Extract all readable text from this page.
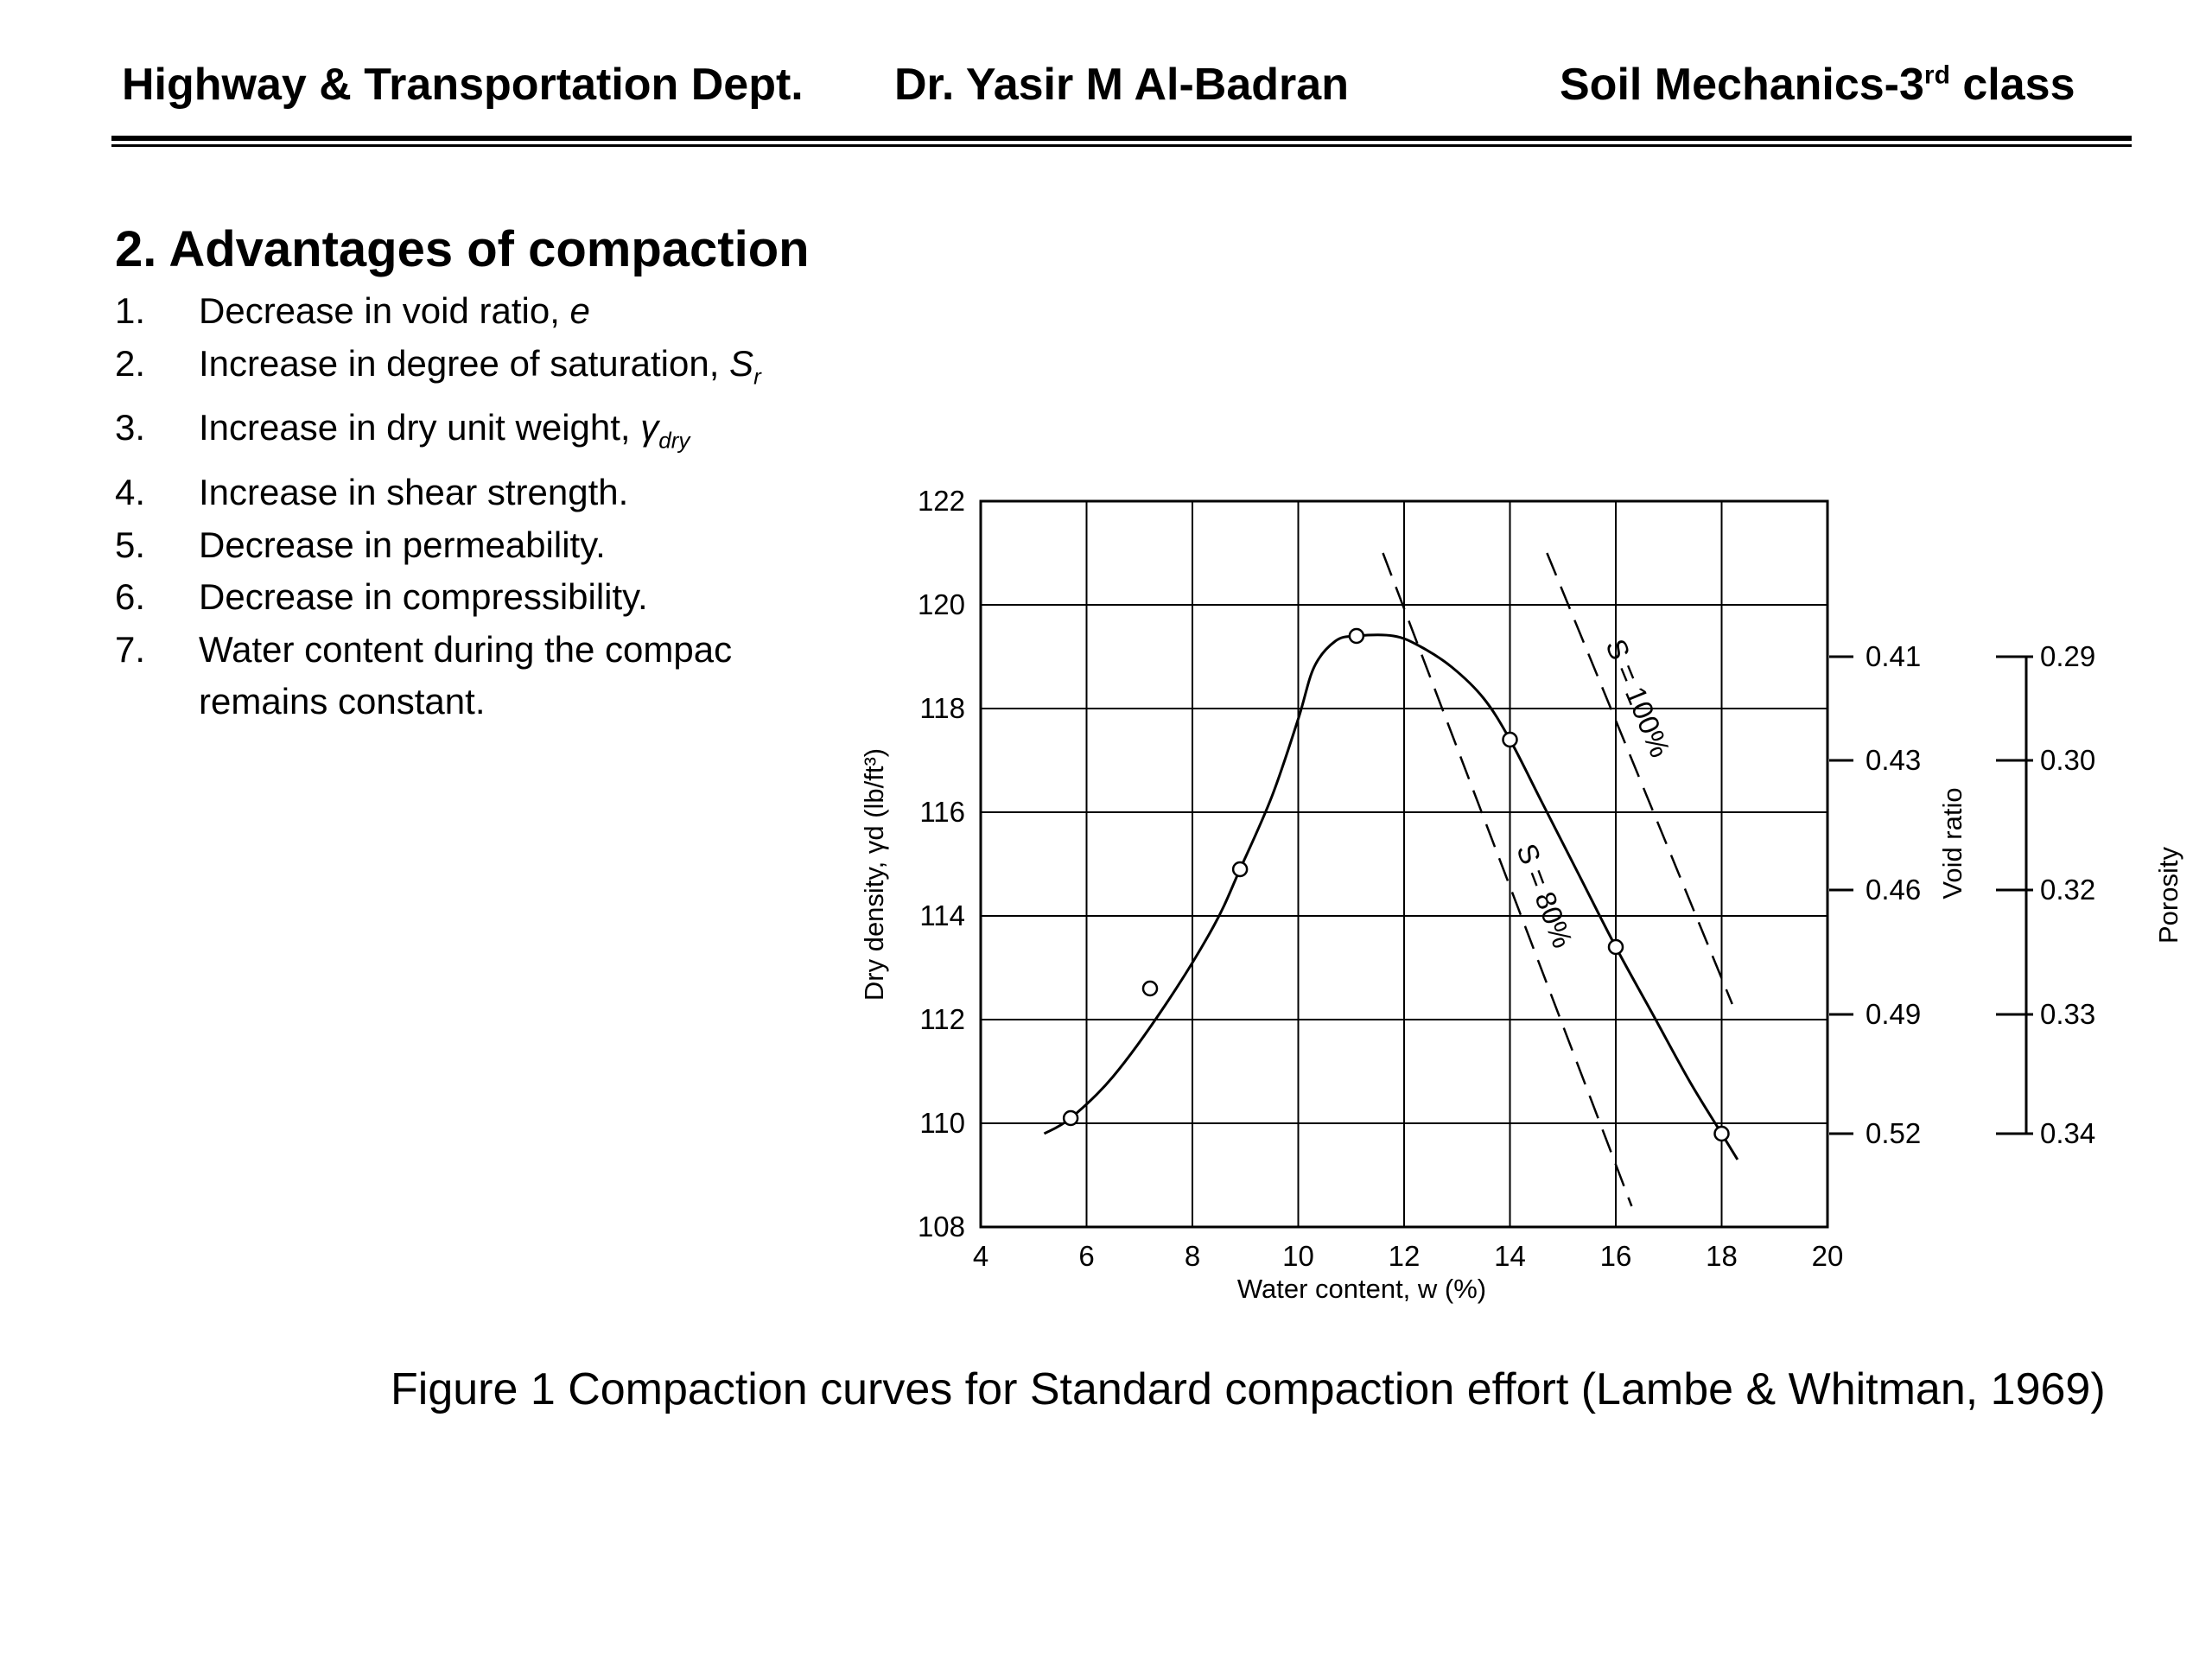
Highway & Transportation Dept. Dr. Yasir M Al-Badran	Soil Mechanics-3rd class
2. Advantages of compaction
1.	Decrease in void ratio, e
2.	Increase in degree of saturation, $S_r$
3.	Increase in dry unit weight, $\gamma_{dry}$
4.	Increase in shear strength.
5.	Decrease in permeability.
6.	Decrease in compressibility.
7.	Water content during the compac
remains constant.
4	6	8	10	12	14	16	18	20
108
110
112
114
116
118
120
122
S = 80%
S = 100%	0.41
0.43
0.46
0.49
0.52
0.29
0.30
0.32
0.33
0.34
Water content, w (%)
Dry density, γd (lb/ft³)	Void ratio	Porosity
Figure 1 Compaction curves for Standard compaction effort (Lambe & Whitman, 1969)
